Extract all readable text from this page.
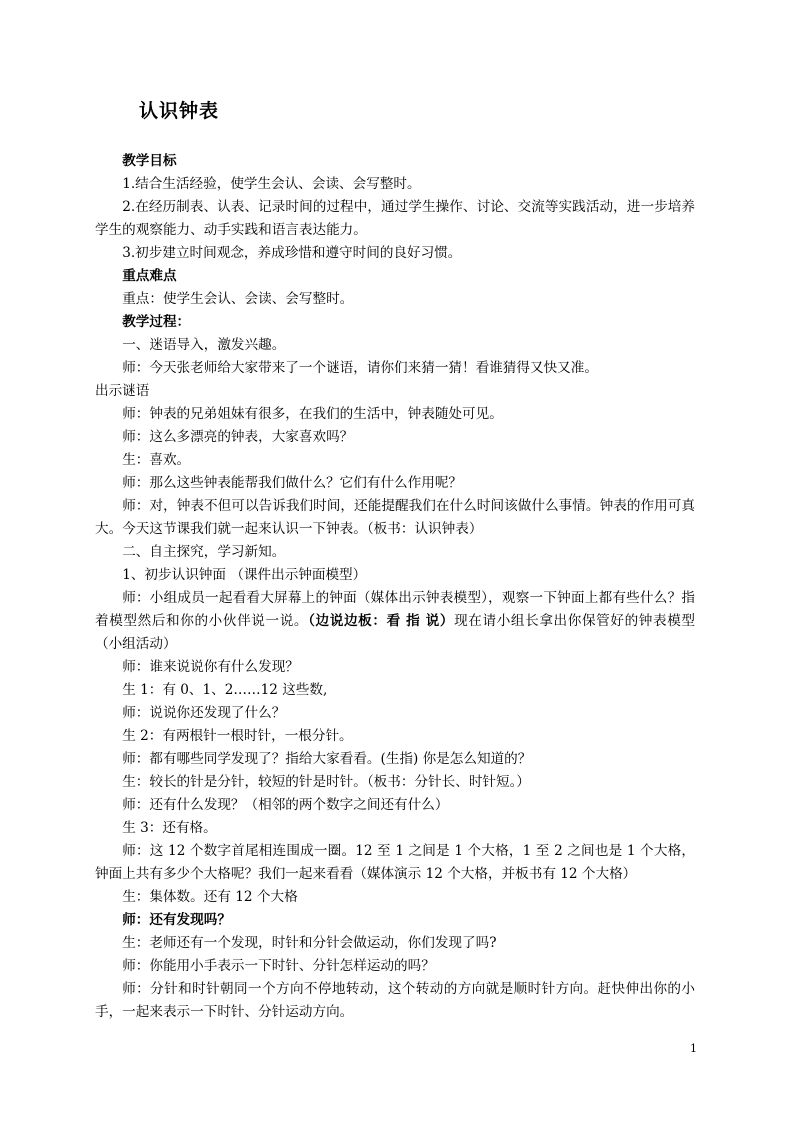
认识钟表

教学目标

1.结合生活经验，使学生会认、会读、会写整时。

2.在经历制表、认表、记录时间的过程中，通过学生操作、讨论、交流等实践活动，进一步培养学生的观察能力、动手实践和语言表达能力。

3.初步建立时间观念，养成珍惜和遵守时间的良好习惯。

重点难点

重点：使学生会认、会读、会写整时。

教学过程：

一、迷语导入，激发兴趣。

师：今天张老师给大家带来了一个谜语，请你们来猜一猜！看谁猜得又快又准。

出示谜语

师：钟表的兄弟姐妹有很多，在我们的生活中，钟表随处可见。

师：这么多漂亮的钟表，大家喜欢吗？

生：喜欢。

师：那么这些钟表能帮我们做什么？它们有什么作用呢？

师：对，钟表不但可以告诉我们时间，还能提醒我们在什么时间该做什么事情。钟表的作用可真大。今天这节课我们就一起来认识一下钟表。（板书：认识钟表）

二、自主探究，学习新知。

1、初步认识钟面 （课件出示钟面模型）

师：小组成员一起看看大屏幕上的钟面（媒体出示钟表模型），观察一下钟面上都有些什么？指着模型然后和你的小伙伴说一说。（边说边板：看 指 说）现在请小组长拿出你保管好的钟表模型（小组活动）

师：谁来说说你有什么发现？

生 1：有 0、1、2……12 这些数,

师：说说你还发现了什么？

生 2：有两根针一根时针，一根分针。

师：都有哪些同学发现了？指给大家看看。(生指) 你是怎么知道的？

生：较长的针是分针，较短的针是时针。（板书：分针长、时针短。）

师：还有什么发现？（相邻的两个数字之间还有什么）

生 3：还有格。

师：这 12 个数字首尾相连围成一圈。12 至 1 之间是 1 个大格，1 至 2 之间也是 1 个大格，钟面上共有多少个大格呢？我们一起来看看（媒体演示 12 个大格，并板书有 12 个大格）

生：集体数。还有 12 个大格

师：还有发现吗？

生：老师还有一个发现，时针和分针会做运动，你们发现了吗?

师：你能用小手表示一下时针、分针怎样运动的吗？

师：分针和时针朝同一个方向不停地转动，这个转动的方向就是顺时针方向。赶快伸出你的小手，一起来表示一下时针、分针运动方向。

1
